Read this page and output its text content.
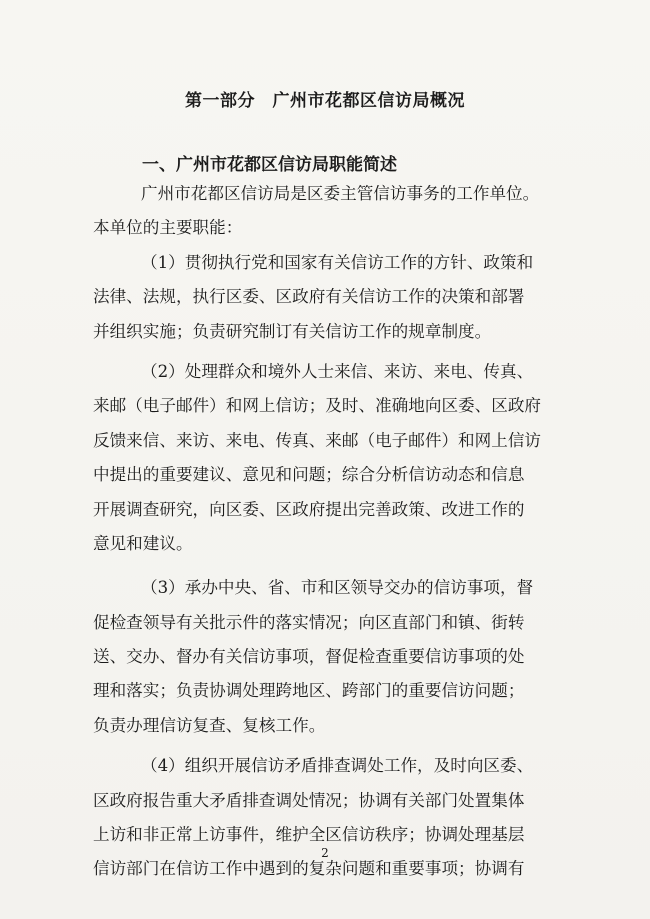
第一部分　广州市花都区信访局概况
一、广州市花都区信访局职能简述
广州市花都区信访局是区委主管信访事务的工作单位。
本单位的主要职能：
（1）贯彻执行党和国家有关信访工作的方针、政策和
法律、法规，执行区委、区政府有关信访工作的决策和部署
并组织实施；负责研究制订有关信访工作的规章制度。
（2）处理群众和境外人士来信、来访、来电、传真、
来邮（电子邮件）和网上信访；及时、准确地向区委、区政府
反馈来信、来访、来电、传真、来邮（电子邮件）和网上信访
中提出的重要建议、意见和问题；综合分析信访动态和信息
开展调查研究，向区委、区政府提出完善政策、改进工作的
意见和建议。
（3）承办中央、省、市和区领导交办的信访事项，督
促检查领导有关批示件的落实情况；向区直部门和镇、街转
送、交办、督办有关信访事项，督促检查重要信访事项的处
理和落实；负责协调处理跨地区、跨部门的重要信访问题；
负责办理信访复查、复核工作。
（4）组织开展信访矛盾排查调处工作，及时向区委、
区政府报告重大矛盾排查调处情况；协调有关部门处置集体
上访和非正常上访事件，维护全区信访秩序；协调处理基层
信访部门在信访工作中遇到的复杂问题和重要事项；协调有
2
